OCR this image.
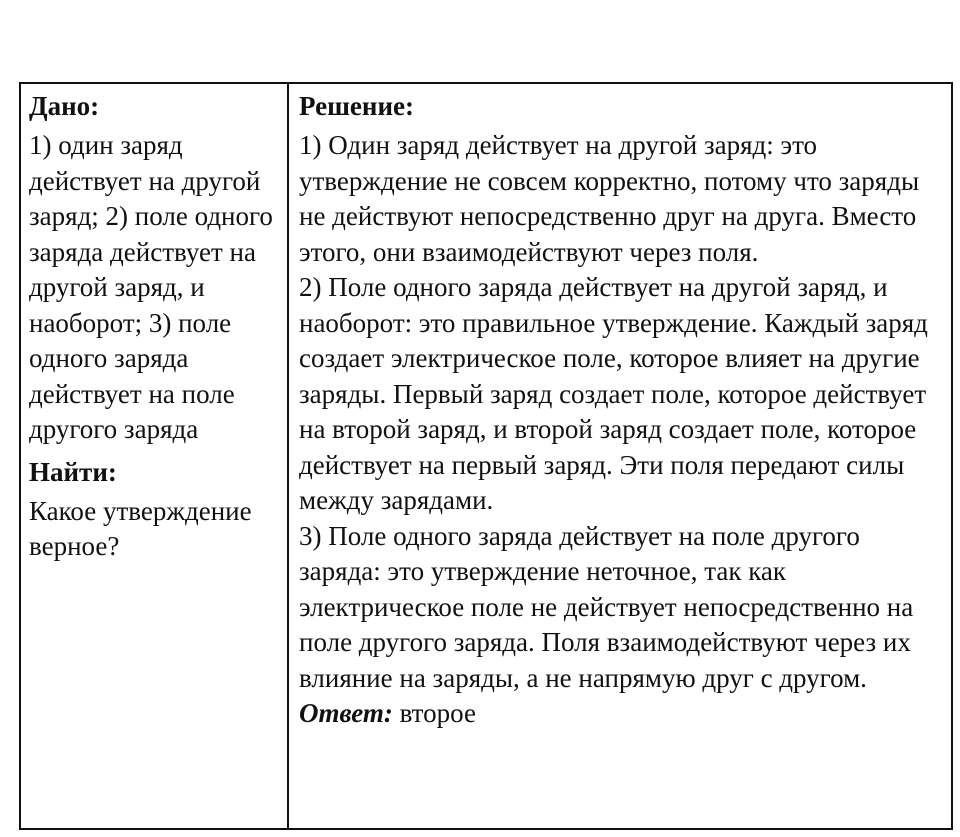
Дано:

1) один заряд действует на другой заряд; 2) поле одного заряда действует на другой заряд, и наоборот; 3) поле одного заряда действует на поле другого заряда

Найти:

Какое утверждение верное?

Решение:

1) Один заряд действует на другой заряд: это утверждение не совсем корректно, потому что заряды не действуют непосредственно друг на друга. Вместо этого, они взаимодействуют через поля.

2) Поле одного заряда действует на другой заряд, и наоборот: это правильное утверждение. Каждый заряд создает электрическое поле, которое влияет на другие заряды. Первый заряд создает поле, которое действует на второй заряд, и второй заряд создает поле, которое действует на первый заряд. Эти поля передают силы между зарядами.

3) Поле одного заряда действует на поле другого заряда: это утверждение неточное, так как электрическое поле не действует непосредственно на поле другого заряда. Поля взаимодействуют через их влияние на заряды, а не напрямую друг с другом.

Ответ: второе
